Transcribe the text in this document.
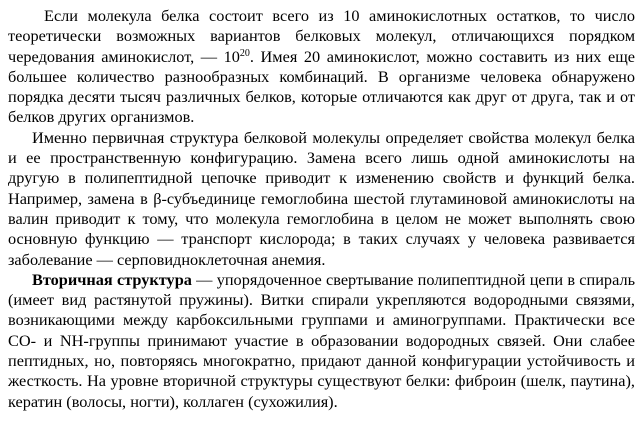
Если молекула белка состоит всего из 10 аминокислотных остатков, то число теоретически возможных вариантов белковых молекул, отличающихся порядком чередования аминокислот, — $10^{20}$. Имея 20 аминокислот, можно составить из них еще большее количество разнообразных комбинаций. В организме человека обнаружено порядка десяти тысяч различных белков, которые отличаются как друг от друга, так и от белков других организмов.

Именно первичная структура белковой молекулы определяет свойства молекул белка и ее пространственную конфигурацию. Замена всего лишь одной аминокислоты на другую в полипептидной цепочке приводит к изменению свойств и функций белка. Например, замена в β-субъединице гемоглобина шестой глутаминовой аминокислоты на валин приводит к тому, что молекула гемоглобина в целом не может выполнять свою основную функцию — транспорт кислорода; в таких случаях у человека развивается заболевание — серповидноклеточная анемия.

Вторичная структура — упорядоченное свертывание полипептидной цепи в спираль (имеет вид растянутой пружины). Витки спирали укрепляются водородными связями, возникающими между карбоксильными группами и аминогруппами. Практически все CO- и NH-группы принимают участие в образовании водородных связей. Они слабее пептидных, но, повторяясь многократно, придают данной конфигурации устойчивость и жесткость. На уровне вторичной структуры существуют белки: фиброин (шелк, паутина), кератин (волосы, ногти), коллаген (сухожилия).
